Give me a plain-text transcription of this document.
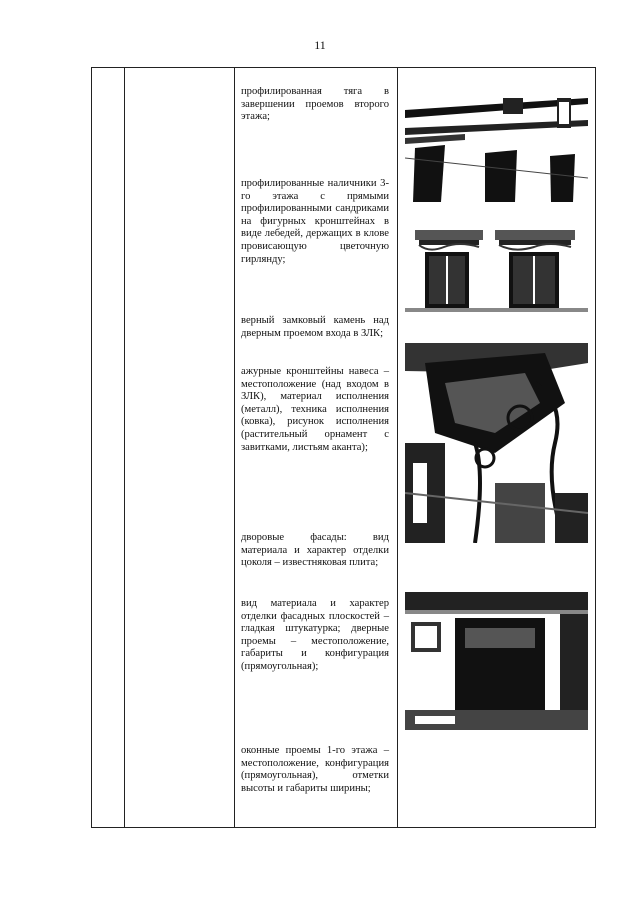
11
профилированная тяга в завершении проемов второго этажа;
профилированные наличники 3-го этажа с прямыми профилированными сандриками на фигурных кронштейнах в виде лебедей, держащих в клове провисающую цветочную гирлянду;
верный замковый камень над дверным проемом входа в ЗЛК;
ажурные кронштейны навеса – местоположение (над входом в ЗЛК), материал исполнения (металл), техника исполнения (ковка), рисунок исполнения (растительный орнамент с завитками, листьям аканта);
дворовые фасады: вид материала и характер отделки цоколя – известняковая плита;
вид материала и характер отделки фасадных плоскостей – гладкая штукатурка; дверные проемы – местоположение, габариты и конфигурация (прямоугольная);
оконные проемы 1-го этажа – местоположение, конфигурация (прямоугольная), отметки высоты и габариты ширины;
